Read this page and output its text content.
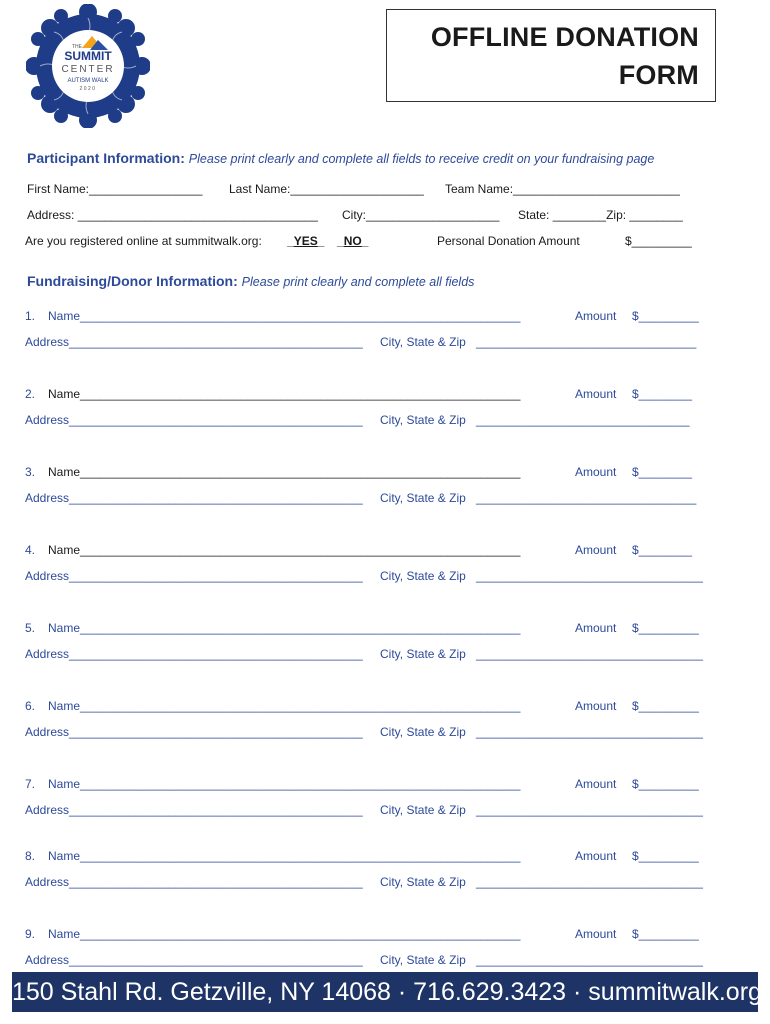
THE
SUMMIT
CENTER
AUTISM WALK
2020
OFFLINE DONATION
FORM
Participant Information: Please print clearly and complete all fields to receive credit on your fundraising page
First Name:_________________ Last Name:____________________ Team Name:_________________________
Address: ____________________________________ City:____________________ State: ________Zip: ________
Are you registered online at summitwalk.org: _YES_ _NO_	Personal Donation Amount	$_________
Fundraising/Donor Information: Please print clearly and complete all fields
1. Name__________________________________________________________________	Amount $_________
Address____________________________________________ City, State & Zip _________________________________
2. Name__________________________________________________________________	Amount $________
Address____________________________________________ City, State & Zip ________________________________
3. Name__________________________________________________________________	Amount $________
Address____________________________________________ City, State & Zip _________________________________
4. Name__________________________________________________________________	Amount $________
Address____________________________________________ City, State & Zip __________________________________
5. Name__________________________________________________________________	Amount $_________
Address____________________________________________ City, State & Zip __________________________________
6. Name__________________________________________________________________	Amount $_________
Address____________________________________________ City, State & Zip __________________________________
7. Name__________________________________________________________________	Amount $_________
Address____________________________________________ City, State & Zip __________________________________
8. Name__________________________________________________________________	Amount $_________
Address____________________________________________ City, State & Zip __________________________________
9. Name__________________________________________________________________	Amount $_________
Address____________________________________________ City, State & Zip __________________________________
150 Stahl Rd. Getzville, NY 14068 · 716.629.3423 · summitwalk.org
